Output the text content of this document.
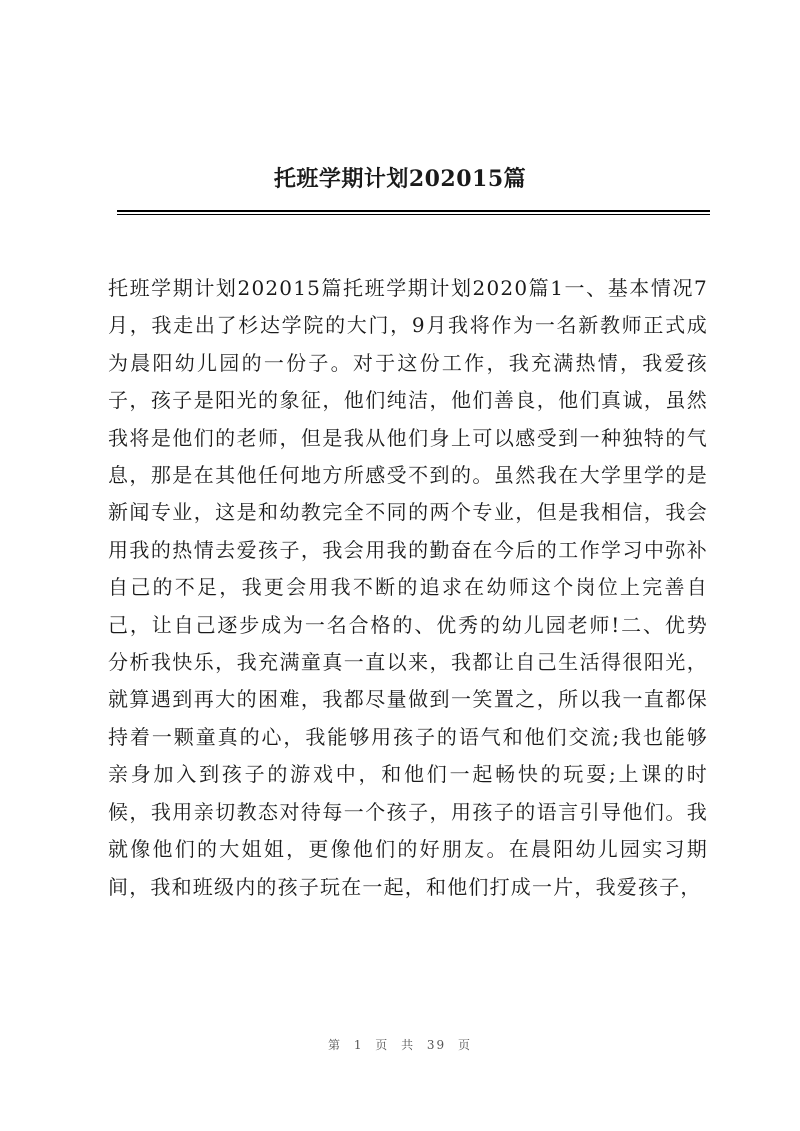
托班学期计划202015篇

托班学期计划202015篇托班学期计划2020篇1一、基本情况7月，我走出了杉达学院的大门，9月我将作为一名新教师正式成为晨阳幼儿园的一份子。对于这份工作，我充满热情，我爱孩子，孩子是阳光的象征，他们纯洁，他们善良，他们真诚，虽然我将是他们的老师，但是我从他们身上可以感受到一种独特的气息，那是在其他任何地方所感受不到的。虽然我在大学里学的是新闻专业，这是和幼教完全不同的两个专业，但是我相信，我会用我的热情去爱孩子，我会用我的勤奋在今后的工作学习中弥补自己的不足，我更会用我不断的追求在幼师这个岗位上完善自己，让自己逐步成为一名合格的、优秀的幼儿园老师!二、优势分析我快乐，我充满童真一直以来，我都让自己生活得很阳光，就算遇到再大的困难，我都尽量做到一笑置之，所以我一直都保持着一颗童真的心，我能够用孩子的语气和他们交流;我也能够亲身加入到孩子的游戏中，和他们一起畅快的玩耍;上课的时候，我用亲切教态对待每一个孩子，用孩子的语言引导他们。我就像他们的大姐姐，更像他们的好朋友。在晨阳幼儿园实习期间，我和班级内的孩子玩在一起，和他们打成一片，我爱孩子，

第 1 页 共 39 页
